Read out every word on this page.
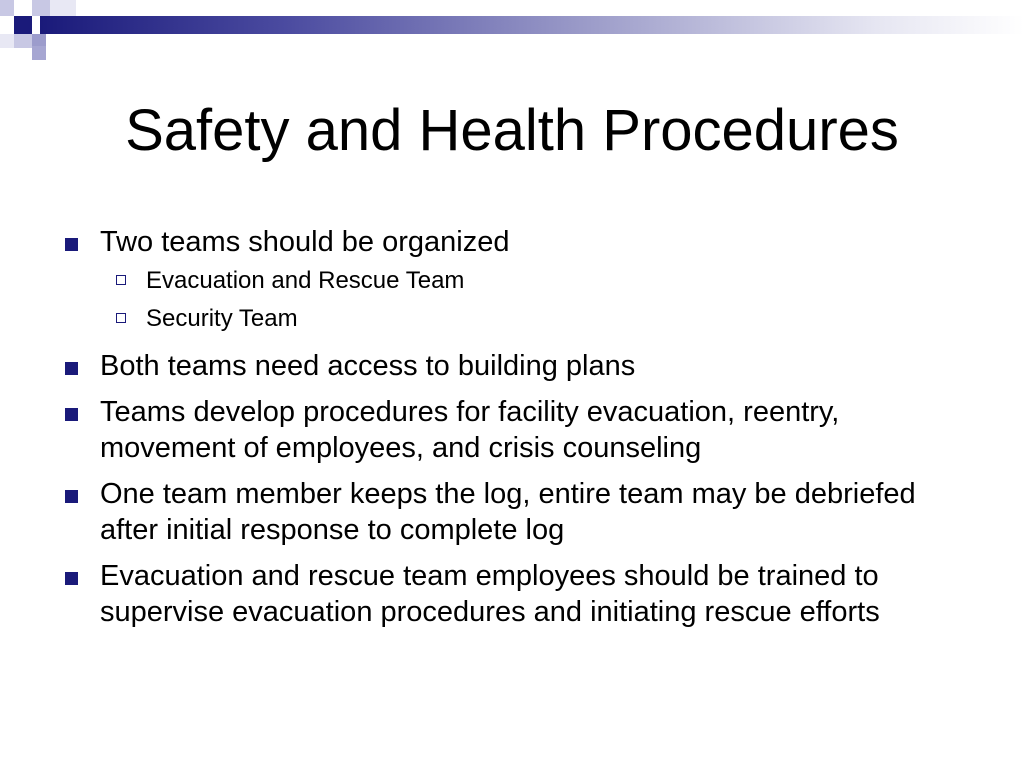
Safety and Health Procedures
Two teams should be organized
Evacuation and Rescue Team
Security Team
Both teams need access to building plans
Teams develop procedures for facility evacuation, reentry, movement of employees, and crisis counseling
One team member keeps the log, entire team may be debriefed after initial response to complete log
Evacuation and rescue team employees should be trained to supervise evacuation procedures and initiating rescue efforts
